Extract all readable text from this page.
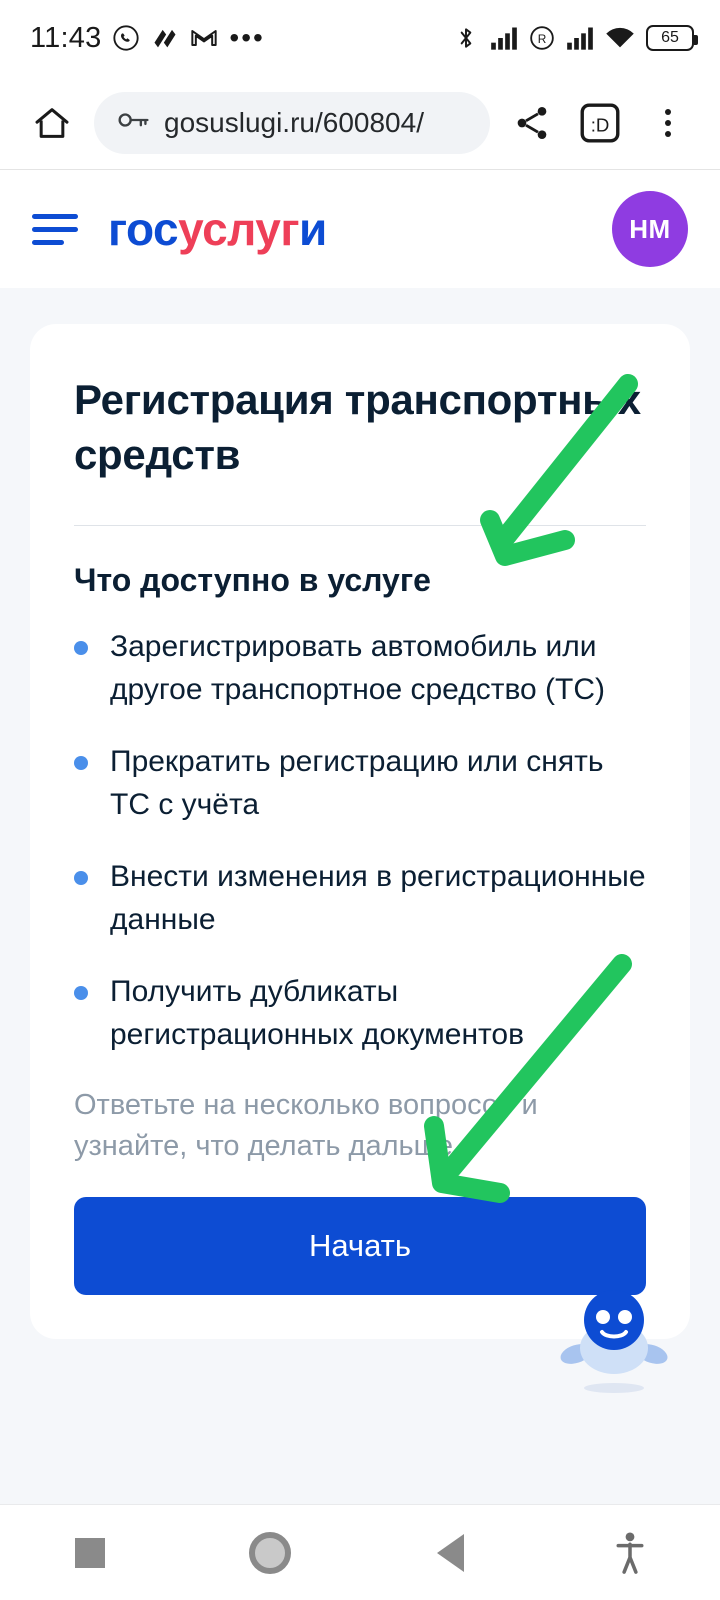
11:43	•••	R	65
gosuslugi.ru/600804/	:D
гос услуг и	НМ
Регистрация транспортных средств
Что доступно в услуге
Зарегистрировать автомобиль или другое транспортное средство (ТС)
Прекратить регистрацию или снять ТС с учёта
Внести изменения в регистрационные данные
Получить дубликаты регистрационных документов

Ответьте на несколько вопросов и узнайте, что делать дальше

Начать
